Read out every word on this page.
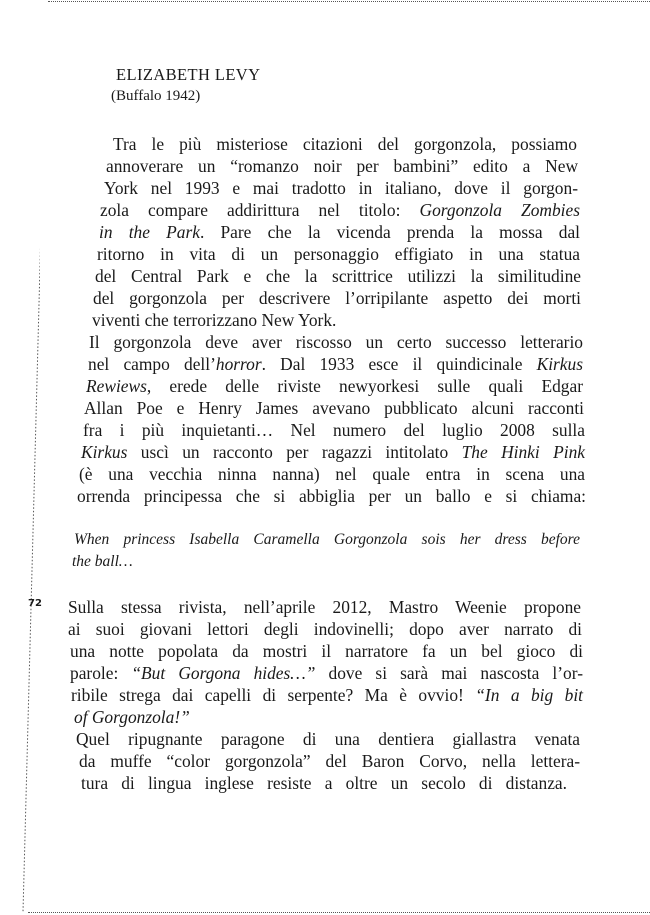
ELIZABETH LEVY
(Buffalo 1942)
Tra le più misteriose citazioni del gorgonzola, possiamo
annoverare un “romanzo noir per bambini” edito a New
York nel 1993 e mai tradotto in italiano, dove il gorgon-
zola compare addirittura nel titolo: Gorgonzola Zombies
in the Park. Pare che la vicenda prenda la mossa dal
ritorno in vita di un personaggio effigiato in una statua
del Central Park e che la scrittrice utilizzi la similitudine
del gorgonzola per descrivere l’orripilante aspetto dei morti
viventi che terrorizzano New York.
Il gorgonzola deve aver riscosso un certo successo letterario
nel campo dell’horror. Dal 1933 esce il quindicinale Kirkus
Rewiews, erede delle riviste newyorkesi sulle quali Edgar
Allan Poe e Henry James avevano pubblicato alcuni racconti
fra i più inquietanti… Nel numero del luglio 2008 sulla
Kirkus uscì un racconto per ragazzi intitolato The Hinki Pink
(è una vecchia ninna nanna) nel quale entra in scena una
orrenda principessa che si abbiglia per un ballo e si chiama:
When princess Isabella Caramella Gorgonzola sois her dress before
the ball…
72 Sulla stessa rivista, nell’aprile 2012, Mastro Weenie propone
ai suoi giovani lettori degli indovinelli; dopo aver narrato di
una notte popolata da mostri il narratore fa un bel gioco di
parole: “But Gorgona hides…” dove si sarà mai nascosta l’or-
ribile strega dai capelli di serpente? Ma è ovvio! “In a big bit
of Gorgonzola!”
Quel ripugnante paragone di una dentiera giallastra venata
da muffe “color gorgonzola” del Baron Corvo, nella lettera-
tura di lingua inglese resiste a oltre un secolo di distanza.
